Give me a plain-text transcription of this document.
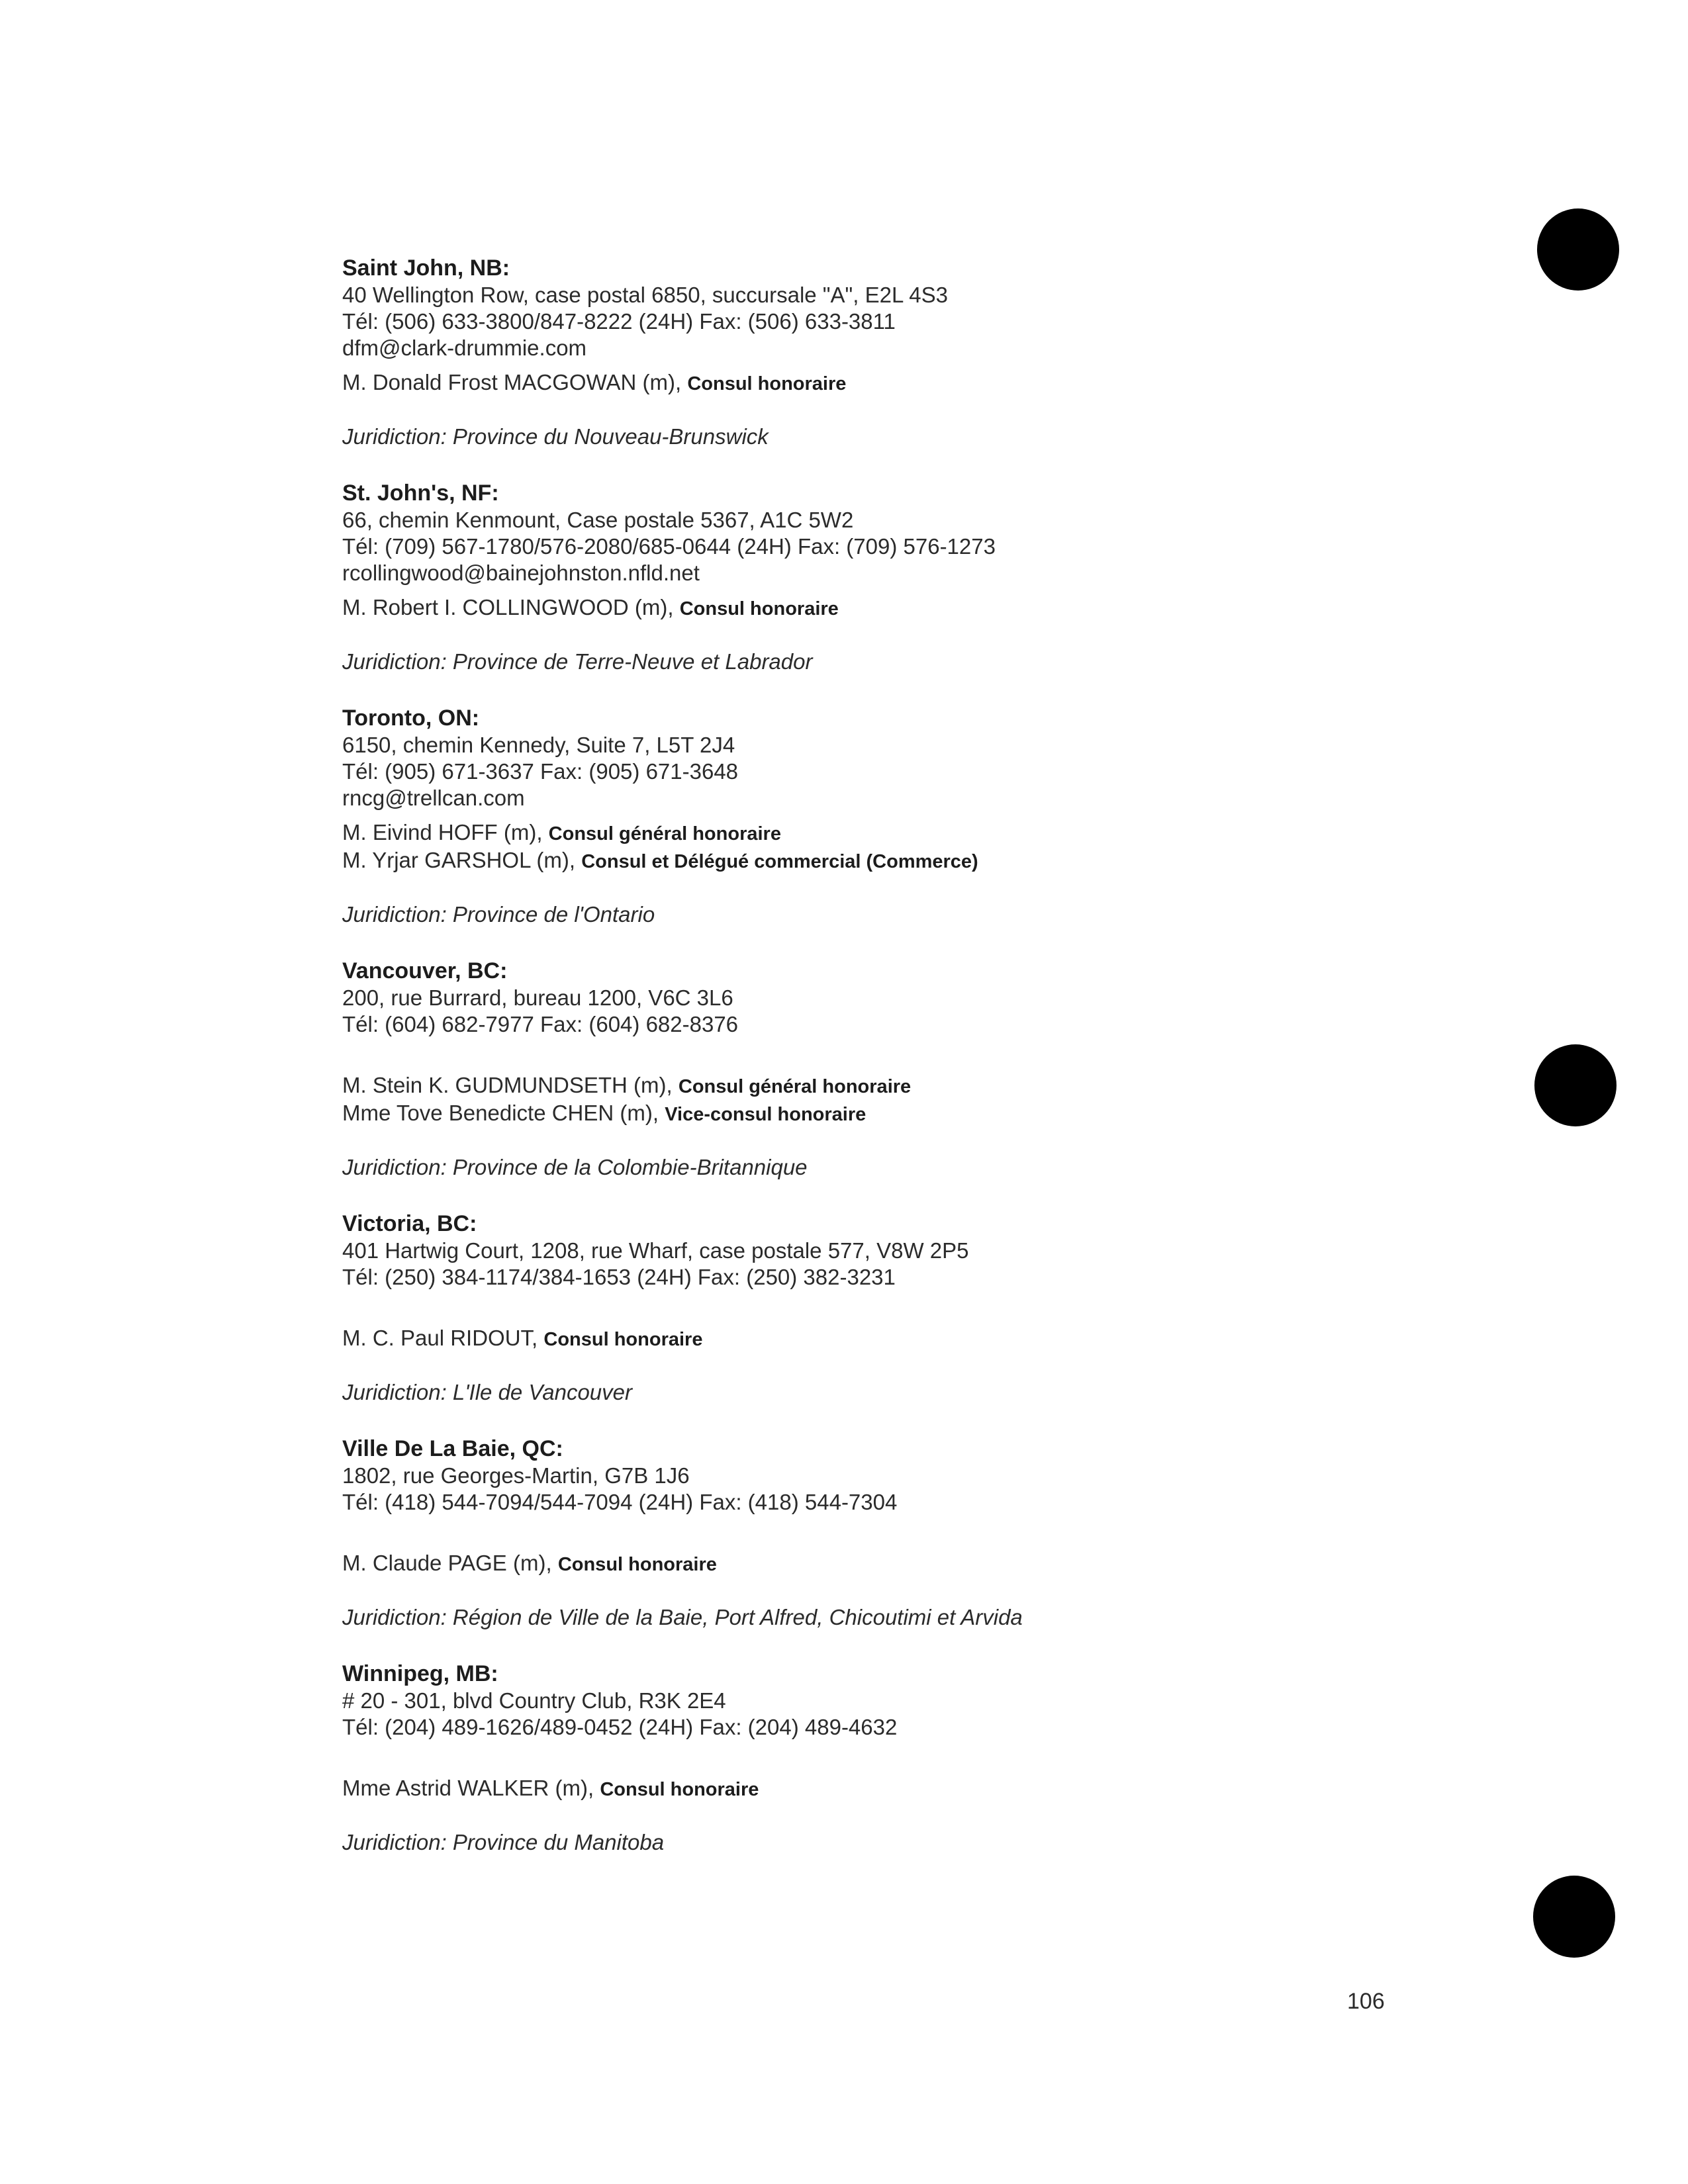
Saint John, NB:
40 Wellington Row, case postal 6850, succursale "A", E2L 4S3
Tél: (506) 633-3800/847-8222 (24H) Fax: (506) 633-3811
dfm@clark-drummie.com
M. Donald Frost MACGOWAN (m), Consul honoraire
Juridiction: Province du Nouveau-Brunswick
St. John's, NF:
66, chemin Kenmount, Case postale 5367, A1C 5W2
Tél: (709) 567-1780/576-2080/685-0644 (24H) Fax: (709) 576-1273
rcollingwood@bainejohnston.nfld.net
M. Robert I. COLLINGWOOD (m), Consul honoraire
Juridiction: Province de Terre-Neuve et Labrador
Toronto, ON:
6150, chemin Kennedy, Suite 7, L5T 2J4
Tél: (905) 671-3637 Fax: (905) 671-3648
rncg@trellcan.com
M. Eivind HOFF (m), Consul général honoraire
M. Yrjar GARSHOL (m), Consul et Délégué commercial (Commerce)
Juridiction: Province de l'Ontario
Vancouver, BC:
200, rue Burrard, bureau 1200, V6C 3L6
Tél: (604) 682-7977 Fax: (604) 682-8376
M. Stein K. GUDMUNDSETH (m), Consul général honoraire
Mme Tove Benedicte CHEN (m), Vice-consul honoraire
Juridiction: Province de la Colombie-Britannique
Victoria, BC:
401 Hartwig Court, 1208, rue Wharf, case postale 577, V8W 2P5
Tél: (250) 384-1174/384-1653 (24H) Fax: (250) 382-3231
M. C. Paul RIDOUT, Consul honoraire
Juridiction: L'Ile de Vancouver
Ville De La Baie, QC:
1802, rue Georges-Martin, G7B 1J6
Tél: (418) 544-7094/544-7094 (24H) Fax: (418) 544-7304
M. Claude PAGE (m), Consul honoraire
Juridiction: Région de Ville de la Baie, Port Alfred, Chicoutimi et Arvida
Winnipeg, MB:
# 20 - 301, blvd Country Club, R3K 2E4
Tél: (204) 489-1626/489-0452 (24H) Fax: (204) 489-4632
Mme Astrid WALKER (m), Consul honoraire
Juridiction: Province du Manitoba
106
